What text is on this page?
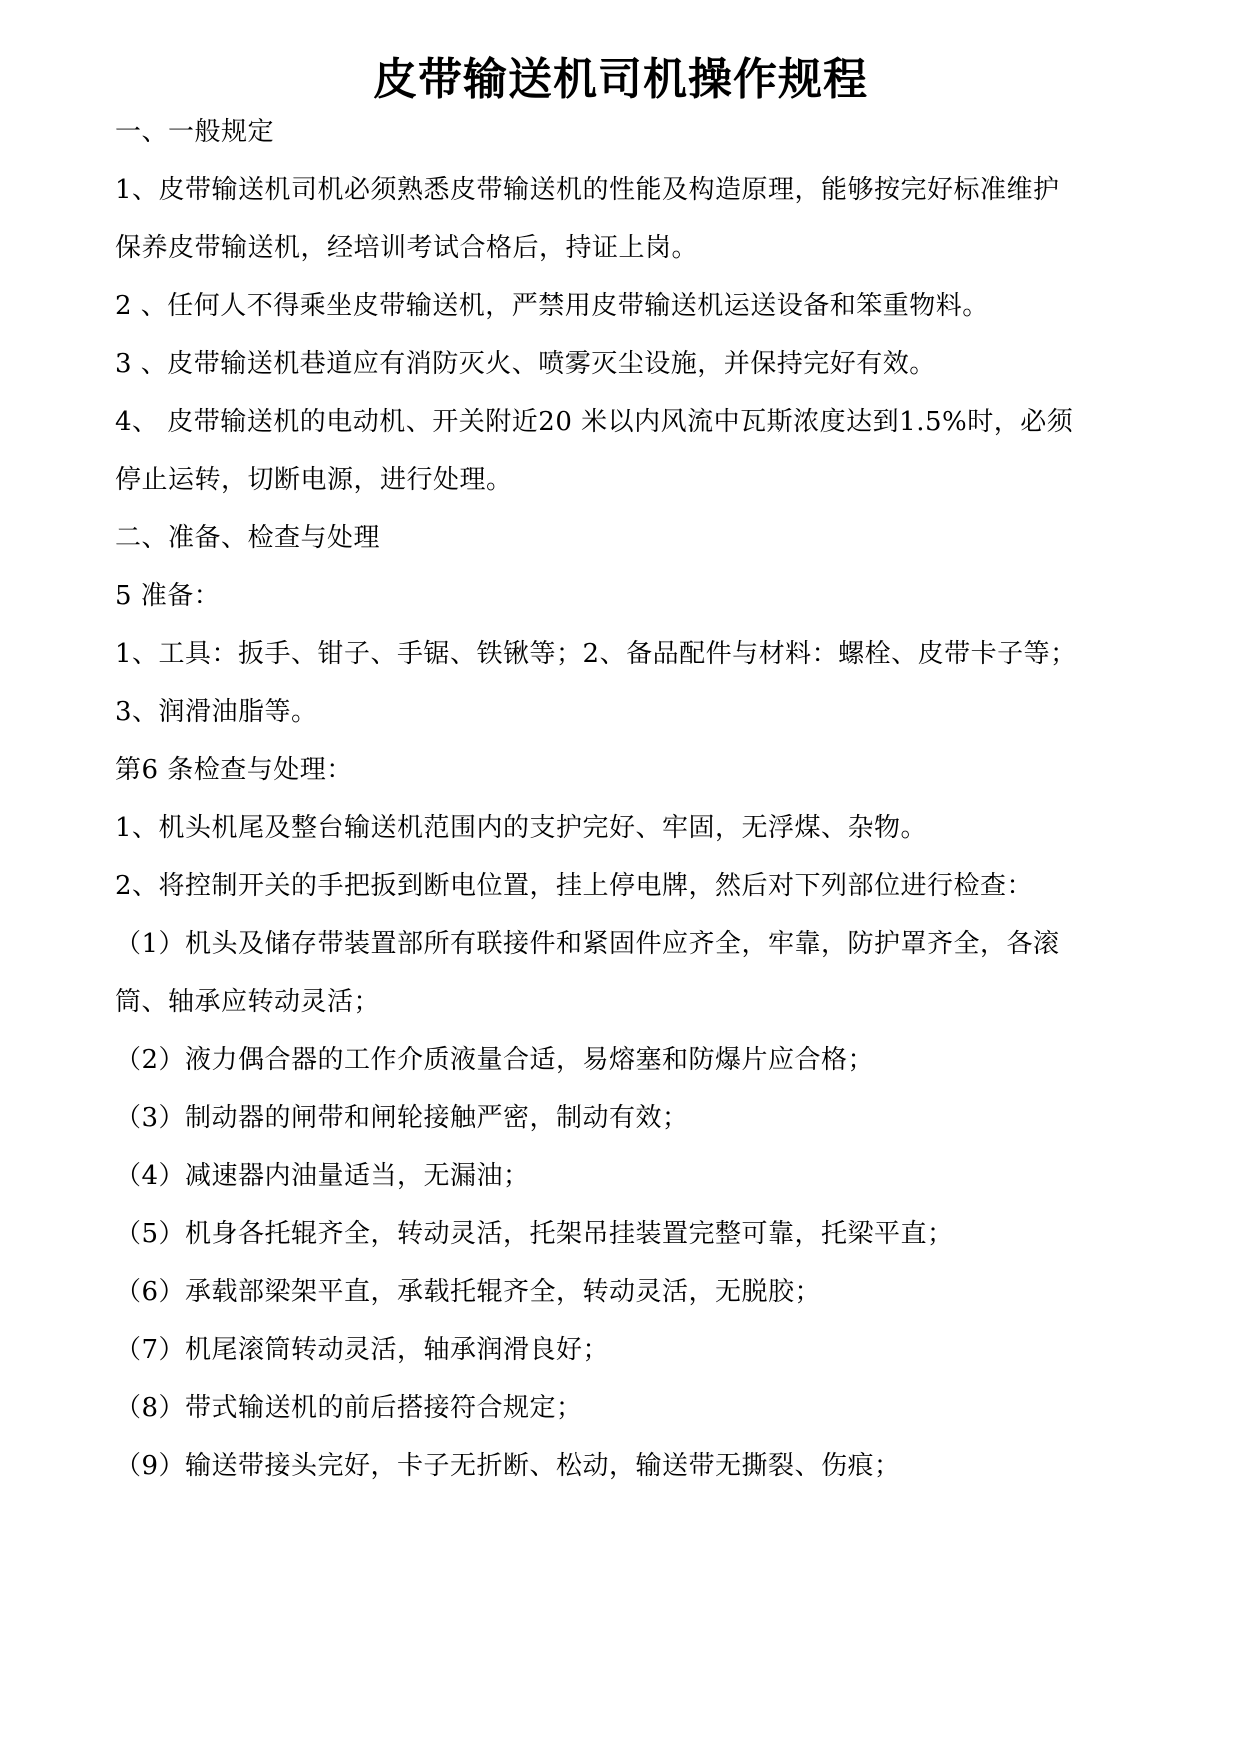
皮带输送机司机操作规程
一、一般规定
1、皮带输送机司机必须熟悉皮带输送机的性能及构造原理，能够按完好标准维护
保养皮带输送机，经培训考试合格后，持证上岗。
2 、任何人不得乘坐皮带输送机，严禁用皮带输送机运送设备和笨重物料。
3 、皮带输送机巷道应有消防灭火、喷雾灭尘设施，并保持完好有效。
4、 皮带输送机的电动机、开关附近20 米以内风流中瓦斯浓度达到1.5%时，必须
停止运转，切断电源，进行处理。
二、准备、检查与处理
5 准备：
1、工具：扳手、钳子、手锯、铁锹等；2、备品配件与材料：螺栓、皮带卡子等；
3、润滑油脂等。
第6 条检查与处理：
1、机头机尾及整台输送机范围内的支护完好、牢固，无浮煤、杂物。
2、将控制开关的手把扳到断电位置，挂上停电牌，然后对下列部位进行检查：
（1）机头及储存带装置部所有联接件和紧固件应齐全，牢靠，防护罩齐全，各滚
筒、轴承应转动灵活；
（2）液力偶合器的工作介质液量合适，易熔塞和防爆片应合格；
（3）制动器的闸带和闸轮接触严密，制动有效；
（4）减速器内油量适当，无漏油；
（5）机身各托辊齐全，转动灵活，托架吊挂装置完整可靠，托梁平直；
（6）承载部梁架平直，承载托辊齐全，转动灵活，无脱胶；
（7）机尾滚筒转动灵活，轴承润滑良好；
（8）带式输送机的前后搭接符合规定；
（9）输送带接头完好，卡子无折断、松动，输送带无撕裂、伤痕；
